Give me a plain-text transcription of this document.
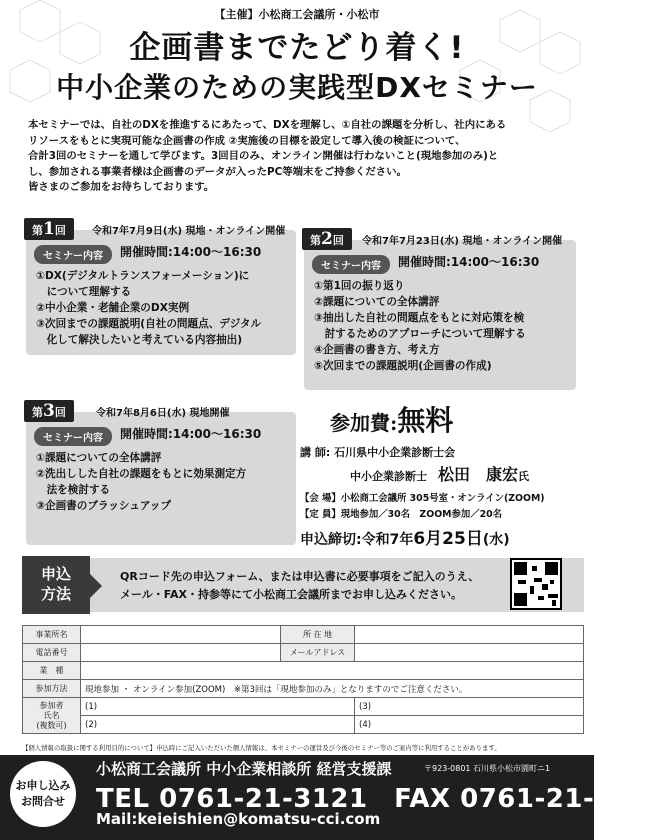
【主催】小松商工会議所・小松市
企画書までたどり着く!
中小企業のための実践型DXセミナー
本セミナーでは、自社のDXを推進するにあたって、DXを理解し、①自社の課題を分析し、社内にある
リソースをもとに実現可能な企画書の作成 ②実施後の目標を設定して導入後の検証について、
合計3回のセミナーを通して学びます。3回目のみ、オンライン開催は行わないこと(現地参加のみ)と
し、参加される事業者様は企画書のデータが入ったPC等端末をご持参ください。
皆さまのご参加をお待ちしております。
第1回	令和7年7月9日(水) 現地・オンライン開催
セミナー内容	開催時間:14:00～16:30
①DX(デジタルトランスフォーメーション)に
　について理解する
②中小企業・老舗企業のDX実例
③次回までの課題説明(自社の問題点、デジタル
　化して解決したいと考えている内容抽出)
第2回	令和7年7月23日(水) 現地・オンライン開催
セミナー内容	開催時間:14:00～16:30
①第1回の振り返り
②課題についての全体講評
③抽出した自社の問題点をもとに対応策を検
　討するためのアプローチについて理解する
④企画書の書き方、考え方
⑤次回までの課題説明(企画書の作成)
第3回	令和7年8月6日(水) 現地開催
セミナー内容	開催時間:14:00～16:30
①課題についての全体講評
②洗出しした自社の課題をもとに効果測定方
　法を検討する
③企画書のブラッシュアップ
参加費:無料
講 師: 石川県中小企業診断士会
中小企業診断士　 松田　康宏氏
【会 場】小松商工会議所 305号室・オンライン(ZOOM)
【定 員】現地参加／30名　ZOOM参加／20名
申込締切:令和7年6月25日(水)
申込
方法
QRコード先の申込フォーム、または申込書に必要事項をご記入のうえ、
メール・FAX・持参等にて小松商工会議所までお申し込みください。
事業所名		所 在 地	
電話番号		メールアドレス	
業　種			
参加方法	現地参加 ・ オンライン参加(ZOOM)　※第3回は「現地参加のみ」となりますのでご注意ください。		

参加者
氏名
(複数可)	(1)		(3)
	(2)		(4)
【個人情報の取扱に関する利用目的について】申込時にご記入いただいた個人情報は、本セミナーの運営及び今後のセミナー等のご案内等に利用することがあります。
お申し込み
お問合せ
小松商工会議所 中小企業相談所 経営支援課	〒923-0801 石川県小松市園町ニ1
TEL 0761-21-3121　 FAX 0761-21-3120
Mail:keieishien@komatsu-cci.com
